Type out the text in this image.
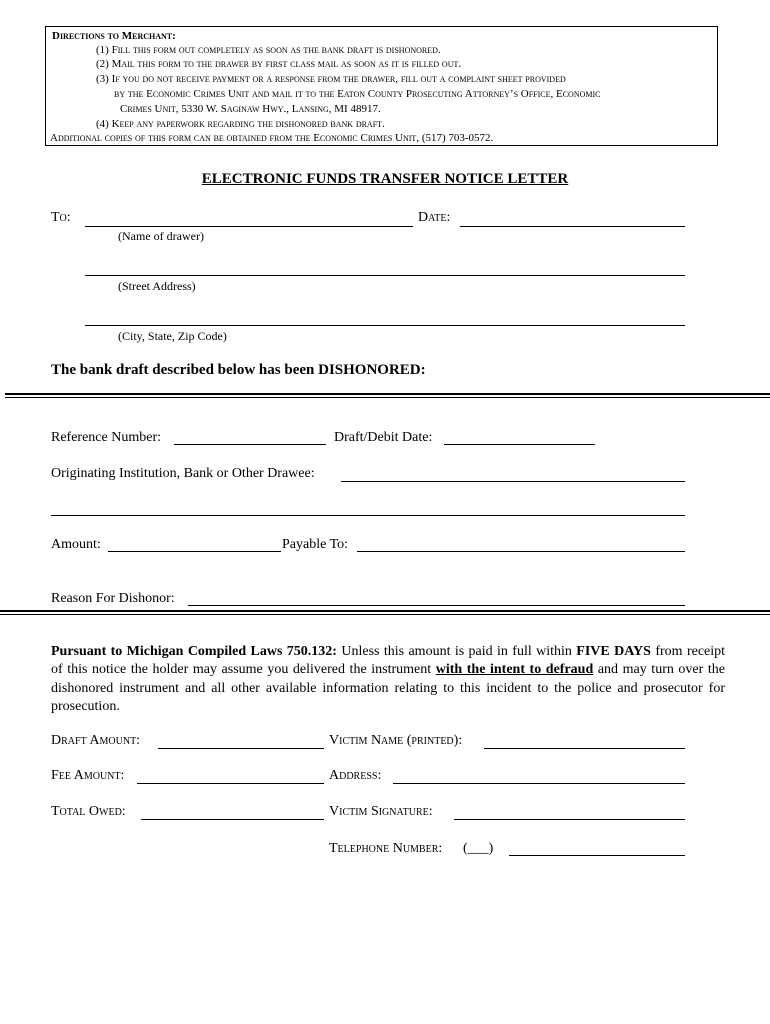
Directions to Merchant:
(1) Fill this form out completely as soon as the bank draft is dishonored.
(2) Mail this form to the drawer by first class mail as soon as it is filled out.
(3) If you do not receive payment or a response from the drawer, fill out a complaint sheet provided
by the Economic Crimes Unit and mail it to the Eaton County Prosecuting Attorney’s Office, Economic
Crimes Unit, 5330 W. Saginaw Hwy., Lansing, MI 48917.
(4) Keep any paperwork regarding the dishonored bank draft.
Additional copies of this form can be obtained from the Economic Crimes Unit, (517) 703-0572.
ELECTRONIC FUNDS TRANSFER NOTICE LETTER
To:	Date:
(Name of drawer)
(Street Address)
(City, State, Zip Code)
The bank draft described below has been DISHONORED:
Reference Number:	Draft/Debit Date:
Originating Institution, Bank or Other Drawee:
Amount:	Payable To:
Reason For Dishonor:
Pursuant to Michigan Compiled Laws 750.132: Unless this amount is paid in full within FIVE DAYS from receipt of this notice the holder may assume you delivered the instrument with the intent to defraud and may turn over the dishonored instrument and all other available information relating to this incident to the police and prosecutor for prosecution.
Draft Amount:	Victim Name (printed):
Fee Amount:	Address:
Total Owed:	Victim Signature:
Telephone Number: (___)
